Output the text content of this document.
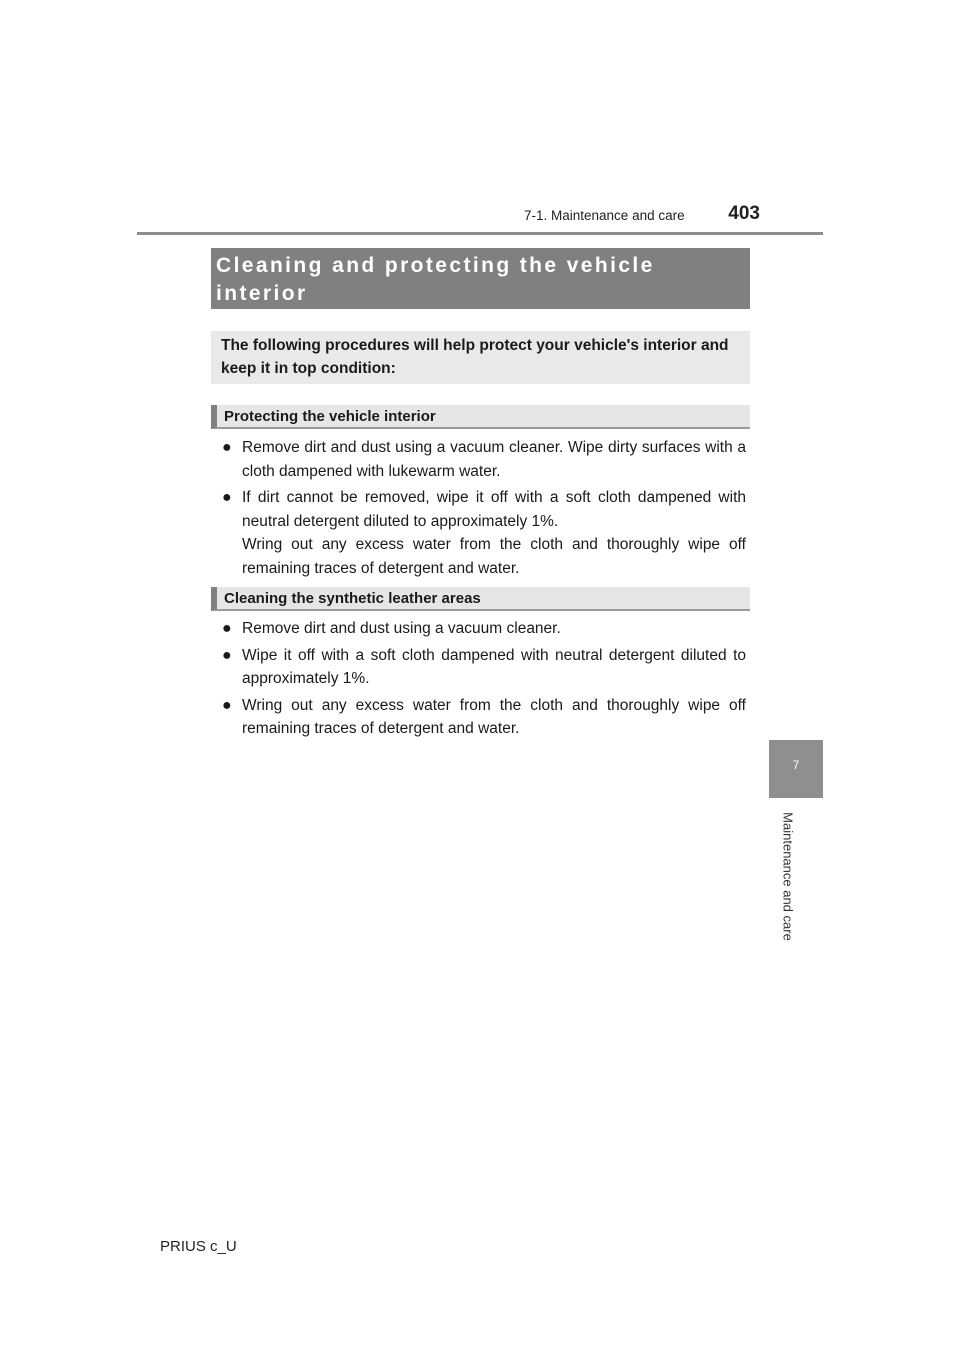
7-1. Maintenance and care	403
7
Maintenance and care
Cleaning and protecting the vehicle interior
The following procedures will help protect your vehicle's interior and keep it in top condition:
Protecting the vehicle interior
● Remove dirt and dust using a vacuum cleaner. Wipe dirty surfaces with a cloth dampened with lukewarm water.
● If dirt cannot be removed, wipe it off with a soft cloth dampened with neutral detergent diluted to approximately 1%.
Wring out any excess water from the cloth and thoroughly wipe off remaining traces of detergent and water.
Cleaning the synthetic leather areas
● Remove dirt and dust using a vacuum cleaner.
● Wipe it off with a soft cloth dampened with neutral detergent diluted to approximately 1%.
● Wring out any excess water from the cloth and thoroughly wipe off remaining traces of detergent and water.
PRIUS c_U
